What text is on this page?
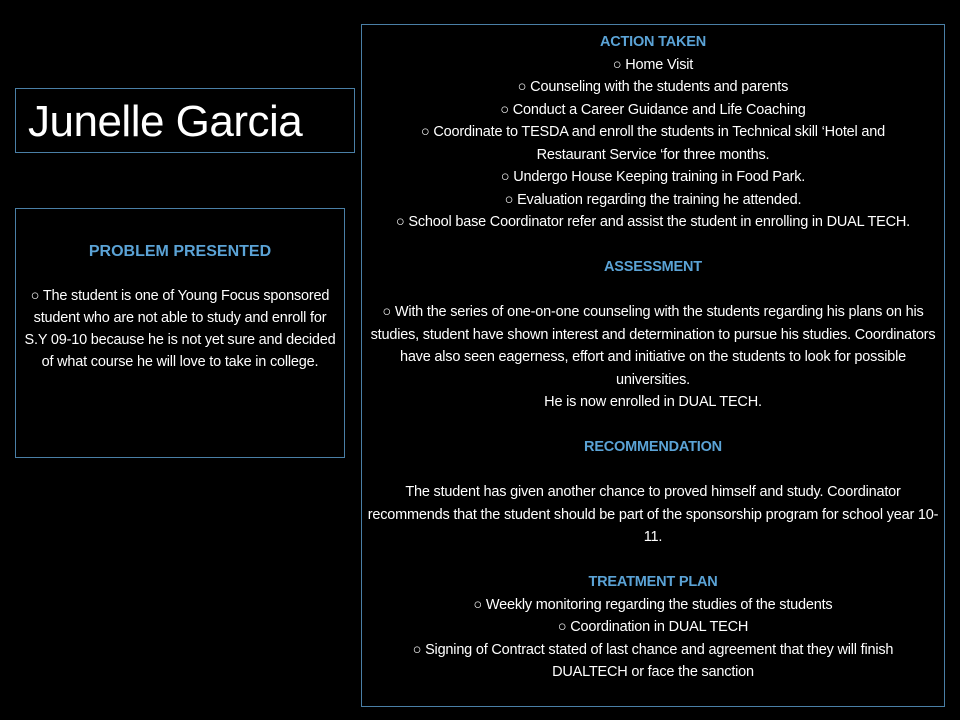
Junelle Garcia
PROBLEM PRESENTED
○ The student is one of Young Focus sponsored student who are not able to study and enroll for S.Y 09-10 because he is not yet sure and decided of what course he will love to take in college.
ACTION TAKEN
○ Home Visit
○ Counseling with the students and parents
○ Conduct a Career Guidance and Life Coaching
○ Coordinate to TESDA and enroll the students in Technical skill ‘Hotel and Restaurant Service ‘for three months.
○ Undergo House Keeping training in Food Park.
○ Evaluation regarding the training he attended.
○ School base Coordinator refer and assist the student in enrolling in DUAL TECH.
ASSESSMENT
○ With the series of one-on-one counseling with the students regarding his plans on his studies, student have shown interest and determination to pursue his studies. Coordinators have also seen eagerness, effort and initiative on the students to look for possible universities.
He is now enrolled in DUAL TECH.
RECOMMENDATION
The student has given another chance to proved himself and study. Coordinator recommends that the student should be part of the sponsorship program for school year 10-11.
TREATMENT PLAN
○ Weekly monitoring regarding the studies of the students
○ Coordination in DUAL TECH
○ Signing of Contract stated of last chance and agreement that they will finish DUALTECH or face the sanction
